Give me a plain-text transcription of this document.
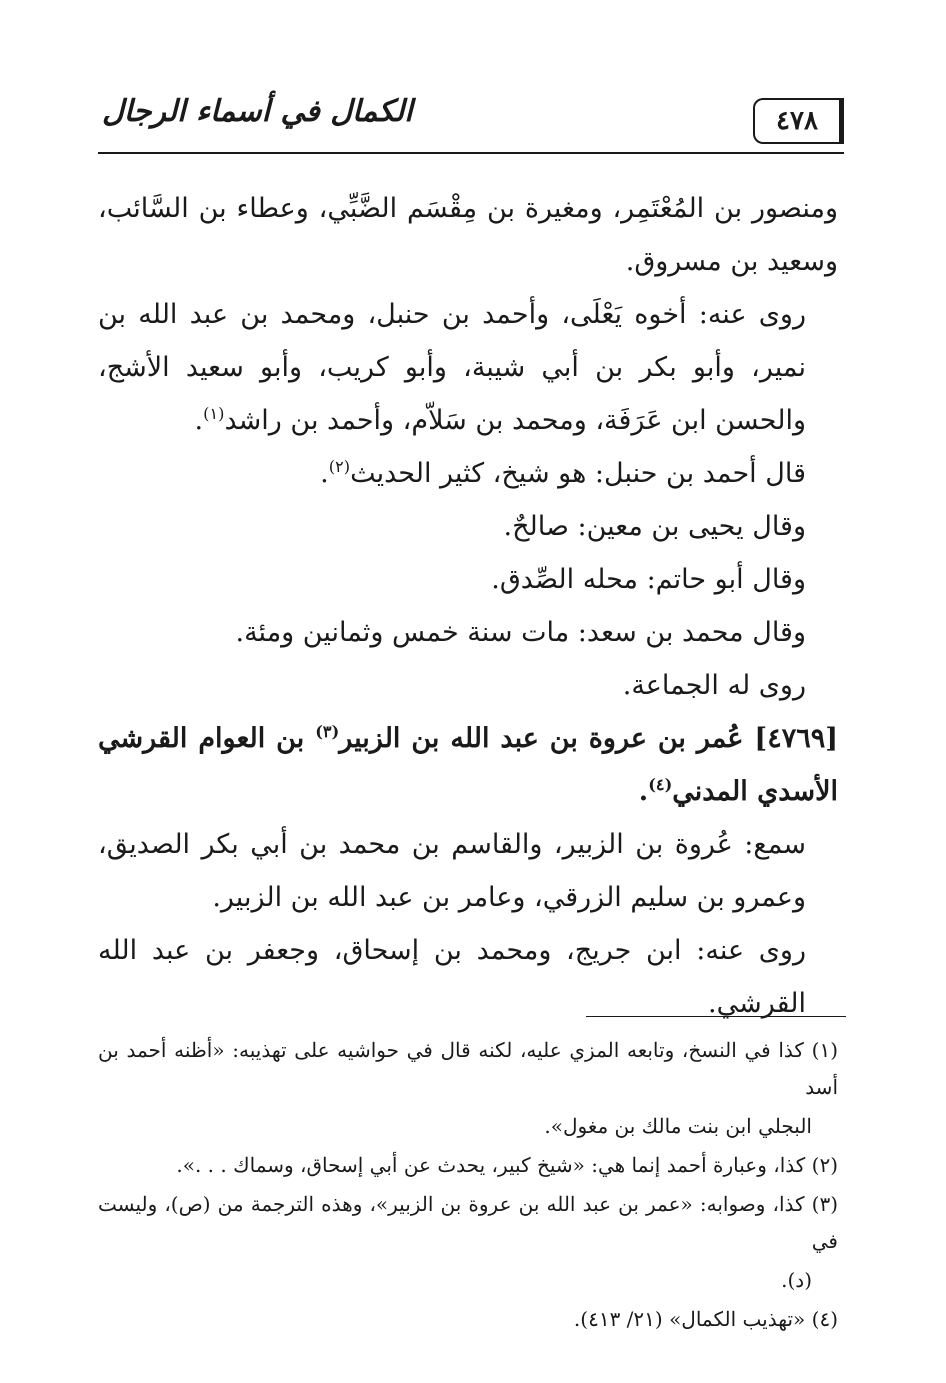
٤٧٨
الكمال في أسماء الرجال

ومنصور بن المُعْتَمِر، ومغيرة بن مِقْسَم الضَّبِّي، وعطاء بن السَّائب، وسعيد بن مسروق.

روى عنه: أخوه يَعْلَى، وأحمد بن حنبل، ومحمد بن عبد الله بن نمير، وأبو بكر بن أبي شيبة، وأبو كريب، وأبو سعيد الأشج، والحسن ابن عَرَفَة، ومحمد بن سَلاّم، وأحمد بن راشد$^{(١)}$.

قال أحمد بن حنبل: هو شيخ، كثير الحديث$^{(٢)}$.

وقال يحيى بن معين: صالحٌ.

وقال أبو حاتم: محله الصِّدق.

وقال محمد بن سعد: مات سنة خمس وثمانين ومئة.

روى له الجماعة.

[٤٧٦٩] عُمر بن عروة بن عبد الله بن الزبير$^{(٣)}$ بن العوام القرشي الأسدي المدني$^{(٤)}$.

سمع: عُروة بن الزبير، والقاسم بن محمد بن أبي بكر الصديق، وعمرو بن سليم الزرقي، وعامر بن عبد الله بن الزبير.

روى عنه: ابن جريج، ومحمد بن إسحاق، وجعفر بن عبد الله القرشي.

(١) كذا في النسخ، وتابعه المزي عليه، لكنه قال في حواشيه على تهذيبه: «أظنه أحمد بن أسد

البجلي ابن بنت مالك بن مغول».

(٢) كذا، وعبارة أحمد إنما هي: «شيخ كبير، يحدث عن أبي إسحاق، وسماك . . .».

(٣) كذا، وصوابه: «عمر بن عبد الله بن عروة بن الزبير»، وهذه الترجمة من (ص)، وليست في

(د).

(٤) «تهذيب الكمال» (٢١/ ٤١٣).
